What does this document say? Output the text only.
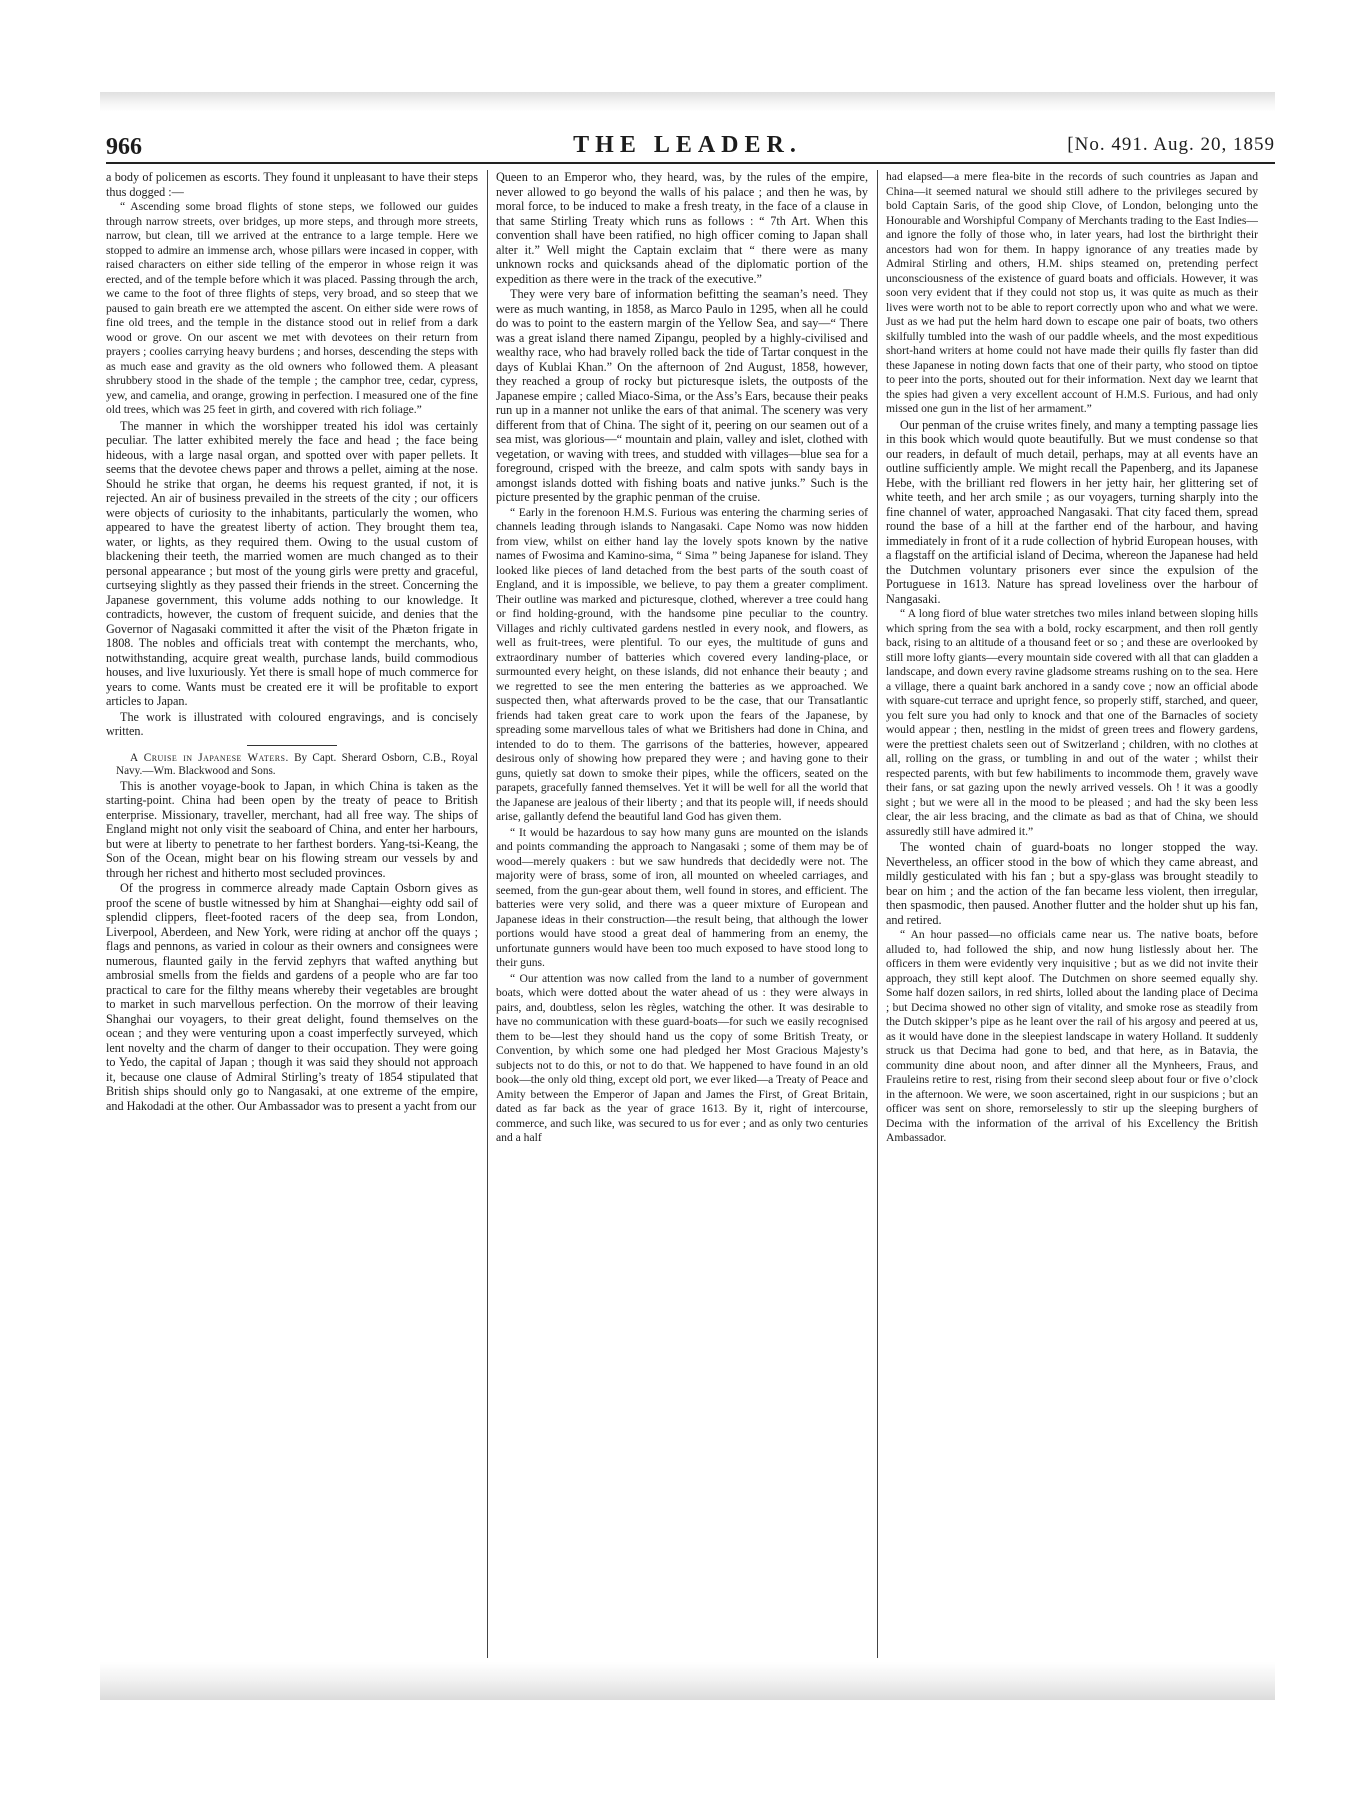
966	THE LEADER.	[No. 491. Aug. 20, 1859

a body of policemen as escorts. They found it unpleasant to have their steps thus dogged :—

“ Ascending some broad flights of stone steps, we followed our guides through narrow streets, over bridges, up more steps, and through more streets, narrow, but clean, till we arrived at the entrance to a large temple. Here we stopped to admire an immense arch, whose pillars were incased in copper, with raised characters on either side telling of the emperor in whose reign it was erected, and of the temple before which it was placed. Passing through the arch, we came to the foot of three flights of steps, very broad, and so steep that we paused to gain breath ere we attempted the ascent. On either side were rows of fine old trees, and the temple in the distance stood out in relief from a dark wood or grove. On our ascent we met with devotees on their return from prayers ; coolies carrying heavy burdens ; and horses, descending the steps with as much ease and gravity as the old owners who followed them. A pleasant shrubbery stood in the shade of the temple ; the camphor tree, cedar, cypress, yew, and camelia, and orange, growing in perfection. I measured one of the fine old trees, which was 25 feet in girth, and covered with rich foliage.”

The manner in which the worshipper treated his idol was certainly peculiar. The latter exhibited merely the face and head ; the face being hideous, with a large nasal organ, and spotted over with paper pellets. It seems that the devotee chews paper and throws a pellet, aiming at the nose. Should he strike that organ, he deems his request granted, if not, it is rejected. An air of business prevailed in the streets of the city ; our officers were objects of curiosity to the inhabitants, particularly the women, who appeared to have the greatest liberty of action. They brought them tea, water, or lights, as they required them. Owing to the usual custom of blackening their teeth, the married women are much changed as to their personal appearance ; but most of the young girls were pretty and graceful, curtseying slightly as they passed their friends in the street. Concerning the Japanese government, this volume adds nothing to our knowledge. It contradicts, however, the custom of frequent suicide, and denies that the Governor of Nagasaki committed it after the visit of the Phæton frigate in 1808. The nobles and officials treat with contempt the merchants, who, notwithstanding, acquire great wealth, purchase lands, build commodious houses, and live luxuriously. Yet there is small hope of much commerce for years to come. Wants must be created ere it will be profitable to export articles to Japan.

The work is illustrated with coloured engravings, and is concisely written.

A Cruise in Japanese Waters. By Capt. Sherard Osborn, C.B., Royal Navy.—Wm. Blackwood and Sons.

This is another voyage-book to Japan, in which China is taken as the starting-point. China had been open by the treaty of peace to British enterprise. Missionary, traveller, merchant, had all free way. The ships of England might not only visit the seaboard of China, and enter her harbours, but were at liberty to penetrate to her farthest borders. Yang-tsi-Keang, the Son of the Ocean, might bear on his flowing stream our vessels by and through her richest and hitherto most secluded provinces.

Of the progress in commerce already made Captain Osborn gives as proof the scene of bustle witnessed by him at Shanghai—eighty odd sail of splendid clippers, fleet-footed racers of the deep sea, from London, Liverpool, Aberdeen, and New York, were riding at anchor off the quays ; flags and pennons, as varied in colour as their owners and consignees were numerous, flaunted gaily in the fervid zephyrs that wafted anything but ambrosial smells from the fields and gardens of a people who are far too practical to care for the filthy means whereby their vegetables are brought to market in such marvellous perfection. On the morrow of their leaving Shanghai our voyagers, to their great delight, found themselves on the ocean ; and they were venturing upon a coast imperfectly surveyed, which lent novelty and the charm of danger to their occupation. They were going to Yedo, the capital of Japan ; though it was said they should not approach it, because one clause of Admiral Stirling’s treaty of 1854 stipulated that British ships should only go to Nangasaki, at one extreme of the empire, and Hakodadi at the other. Our Ambassador was to present a yacht from our

Queen to an Emperor who, they heard, was, by the rules of the empire, never allowed to go beyond the walls of his palace ; and then he was, by moral force, to be induced to make a fresh treaty, in the face of a clause in that same Stirling Treaty which runs as follows : “ 7th Art. When this convention shall have been ratified, no high officer coming to Japan shall alter it.” Well might the Captain exclaim that “ there were as many unknown rocks and quicksands ahead of the diplomatic portion of the expedition as there were in the track of the executive.”

They were very bare of information befitting the seaman’s need. They were as much wanting, in 1858, as Marco Paulo in 1295, when all he could do was to point to the eastern margin of the Yellow Sea, and say—“ There was a great island there named Zipangu, peopled by a highly-civilised and wealthy race, who had bravely rolled back the tide of Tartar conquest in the days of Kublai Khan.” On the afternoon of 2nd August, 1858, however, they reached a group of rocky but picturesque islets, the outposts of the Japanese empire ; called Miaco-Sima, or the Ass’s Ears, because their peaks run up in a manner not unlike the ears of that animal. The scenery was very different from that of China. The sight of it, peering on our seamen out of a sea mist, was glorious—“ mountain and plain, valley and islet, clothed with vegetation, or waving with trees, and studded with villages—blue sea for a foreground, crisped with the breeze, and calm spots with sandy bays in amongst islands dotted with fishing boats and native junks.” Such is the picture presented by the graphic penman of the cruise.

“ Early in the forenoon H.M.S. Furious was entering the charming series of channels leading through islands to Nangasaki. Cape Nomo was now hidden from view, whilst on either hand lay the lovely spots known by the native names of Fwosima and Kamino-sima, “ Sima ” being Japanese for island. They looked like pieces of land detached from the best parts of the south coast of England, and it is impossible, we believe, to pay them a greater compliment. Their outline was marked and picturesque, clothed, wherever a tree could hang or find holding-ground, with the handsome pine peculiar to the country. Villages and richly cultivated gardens nestled in every nook, and flowers, as well as fruit-trees, were plentiful. To our eyes, the multitude of guns and extraordinary number of batteries which covered every landing-place, or surmounted every height, on these islands, did not enhance their beauty ; and we regretted to see the men entering the batteries as we approached. We suspected then, what afterwards proved to be the case, that our Transatlantic friends had taken great care to work upon the fears of the Japanese, by spreading some marvellous tales of what we Britishers had done in China, and intended to do to them. The garrisons of the batteries, however, appeared desirous only of showing how prepared they were ; and having gone to their guns, quietly sat down to smoke their pipes, while the officers, seated on the parapets, gracefully fanned themselves. Yet it will be well for all the world that the Japanese are jealous of their liberty ; and that its people will, if needs should arise, gallantly defend the beautiful land God has given them.

“ It would be hazardous to say how many guns are mounted on the islands and points commanding the approach to Nangasaki ; some of them may be of wood—merely quakers : but we saw hundreds that decidedly were not. The majority were of brass, some of iron, all mounted on wheeled carriages, and seemed, from the gun-gear about them, well found in stores, and efficient. The batteries were very solid, and there was a queer mixture of European and Japanese ideas in their construction—the result being, that although the lower portions would have stood a great deal of hammering from an enemy, the unfortunate gunners would have been too much exposed to have stood long to their guns.

“ Our attention was now called from the land to a number of government boats, which were dotted about the water ahead of us : they were always in pairs, and, doubtless, selon les règles, watching the other. It was desirable to have no communication with these guard-boats—for such we easily recognised them to be—lest they should hand us the copy of some British Treaty, or Convention, by which some one had pledged her Most Gracious Majesty’s subjects not to do this, or not to do that. We happened to have found in an old book—the only old thing, except old port, we ever liked—a Treaty of Peace and Amity between the Emperor of Japan and James the First, of Great Britain, dated as far back as the year of grace 1613. By it, right of intercourse, commerce, and such like, was secured to us for ever ; and as only two centuries and a half

had elapsed—a mere flea-bite in the records of such countries as Japan and China—it seemed natural we should still adhere to the privileges secured by bold Captain Saris, of the good ship Clove, of London, belonging unto the Honourable and Worshipful Company of Merchants trading to the East Indies—and ignore the folly of those who, in later years, had lost the birthright their ancestors had won for them. In happy ignorance of any treaties made by Admiral Stirling and others, H.M. ships steamed on, pretending perfect unconsciousness of the existence of guard boats and officials. However, it was soon very evident that if they could not stop us, it was quite as much as their lives were worth not to be able to report correctly upon who and what we were. Just as we had put the helm hard down to escape one pair of boats, two others skilfully tumbled into the wash of our paddle wheels, and the most expeditious short-hand writers at home could not have made their quills fly faster than did these Japanese in noting down facts that one of their party, who stood on tiptoe to peer into the ports, shouted out for their information. Next day we learnt that the spies had given a very excellent account of H.M.S. Furious, and had only missed one gun in the list of her armament.”

Our penman of the cruise writes finely, and many a tempting passage lies in this book which would quote beautifully. But we must condense so that our readers, in default of much detail, perhaps, may at all events have an outline sufficiently ample. We might recall the Papenberg, and its Japanese Hebe, with the brilliant red flowers in her jetty hair, her glittering set of white teeth, and her arch smile ; as our voyagers, turning sharply into the fine channel of water, approached Nangasaki. That city faced them, spread round the base of a hill at the farther end of the harbour, and having immediately in front of it a rude collection of hybrid European houses, with a flagstaff on the artificial island of Decima, whereon the Japanese had held the Dutchmen voluntary prisoners ever since the expulsion of the Portuguese in 1613. Nature has spread loveliness over the harbour of Nangasaki.

“ A long fiord of blue water stretches two miles inland between sloping hills which spring from the sea with a bold, rocky escarpment, and then roll gently back, rising to an altitude of a thousand feet or so ; and these are overlooked by still more lofty giants—every mountain side covered with all that can gladden a landscape, and down every ravine gladsome streams rushing on to the sea. Here a village, there a quaint bark anchored in a sandy cove ; now an official abode with square-cut terrace and upright fence, so properly stiff, starched, and queer, you felt sure you had only to knock and that one of the Barnacles of society would appear ; then, nestling in the midst of green trees and flowery gardens, were the prettiest chalets seen out of Switzerland ; children, with no clothes at all, rolling on the grass, or tumbling in and out of the water ; whilst their respected parents, with but few habiliments to incommode them, gravely wave their fans, or sat gazing upon the newly arrived vessels. Oh ! it was a goodly sight ; but we were all in the mood to be pleased ; and had the sky been less clear, the air less bracing, and the climate as bad as that of China, we should assuredly still have admired it.”

The wonted chain of guard-boats no longer stopped the way. Nevertheless, an officer stood in the bow of which they came abreast, and mildly gesticulated with his fan ; but a spy-glass was brought steadily to bear on him ; and the action of the fan became less violent, then irregular, then spasmodic, then paused. Another flutter and the holder shut up his fan, and retired.

“ An hour passed—no officials came near us. The native boats, before alluded to, had followed the ship, and now hung listlessly about her. The officers in them were evidently very inquisitive ; but as we did not invite their approach, they still kept aloof. The Dutchmen on shore seemed equally shy. Some half dozen sailors, in red shirts, lolled about the landing place of Decima ; but Decima showed no other sign of vitality, and smoke rose as steadily from the Dutch skipper’s pipe as he leant over the rail of his argosy and peered at us, as it would have done in the sleepiest landscape in watery Holland. It suddenly struck us that Decima had gone to bed, and that here, as in Batavia, the community dine about noon, and after dinner all the Mynheers, Fraus, and Frauleins retire to rest, rising from their second sleep about four or five o’clock in the afternoon. We were, we soon ascertained, right in our suspicions ; but an officer was sent on shore, remorselessly to stir up the sleeping burghers of Decima with the information of the arrival of his Excellency the British Ambassador.
